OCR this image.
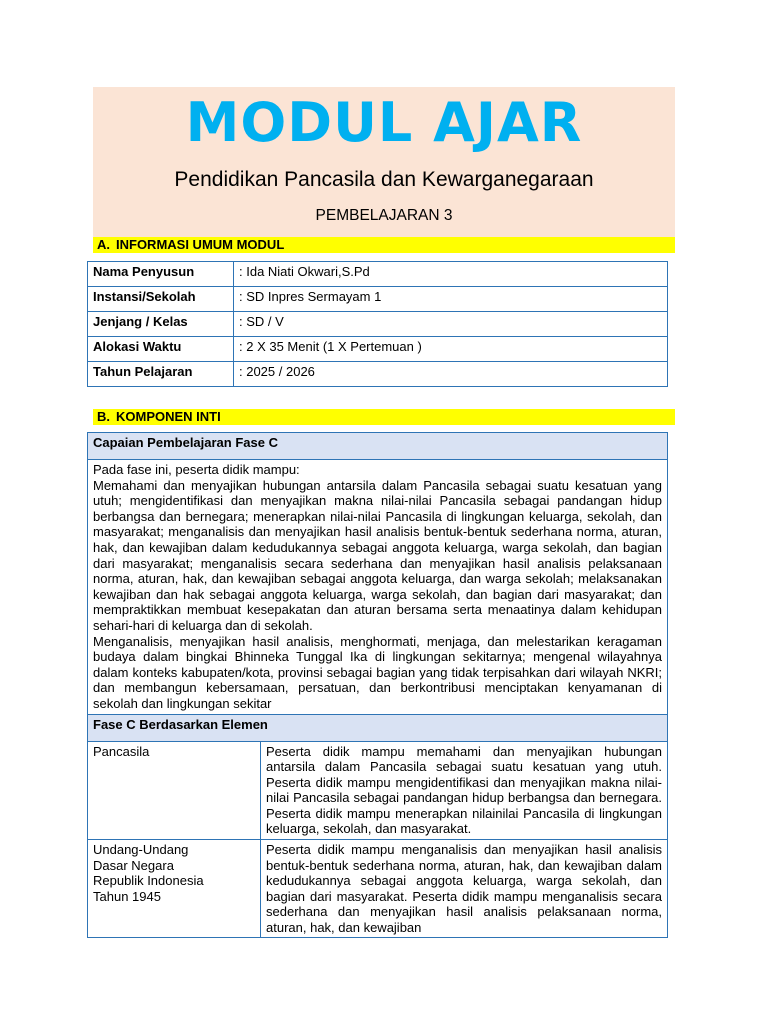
MODUL AJAR
Pendidikan Pancasila dan Kewarganegaraan
PEMBELAJARAN 3
A. INFORMASI UMUM MODUL
Nama Penyusun	: Ida Niati Okwari,S.Pd
Instansi/Sekolah	: SD Inpres Sermayam 1
Jenjang / Kelas	: SD / V
Alokasi Waktu	: 2 X 35 Menit (1 X Pertemuan )
Tahun Pelajaran	: 2025 / 2026
B. KOMPONEN INTI
Capaian Pembelajaran Fase C	

Pada fase ini, peserta didik mampu:

Memahami dan menyajikan hubungan antarsila dalam Pancasila sebagai suatu kesatuan yang utuh; mengidentifikasi dan menyajikan makna nilai-nilai Pancasila sebagai pandangan hidup berbangsa dan bernegara; menerapkan nilai-nilai Pancasila di lingkungan keluarga, sekolah, dan masyarakat; menganalisis dan menyajikan hasil analisis bentuk-bentuk sederhana norma, aturan, hak, dan kewajiban dalam kedudukannya sebagai anggota keluarga, warga sekolah, dan bagian dari masyarakat; menganalisis secara sederhana dan menyajikan hasil analisis pelaksanaan norma, aturan, hak, dan kewajiban sebagai anggota keluarga, dan warga sekolah; melaksanakan kewajiban dan hak sebagai anggota keluarga, warga sekolah, dan bagian dari masyarakat; dan mempraktikkan membuat kesepakatan dan aturan bersama serta menaatinya dalam kehidupan sehari-hari di keluarga dan di sekolah.

Menganalisis, menyajikan hasil analisis, menghormati, menjaga, dan melestarikan keragaman budaya dalam bingkai Bhinneka Tunggal Ika di lingkungan sekitarnya; mengenal wilayahnya dalam konteks kabupaten/kota, provinsi sebagai bagian yang tidak terpisahkan dari wilayah NKRI; dan membangun kebersamaan, persatuan, dan berkontribusi menciptakan kenyamanan di sekolah dan lingkungan sekitar	

Fase C Berdasarkan Elemen	
Pancasila	Peserta didik mampu memahami dan menyajikan hubungan antarsila dalam Pancasila sebagai suatu kesatuan yang utuh. Peserta didik mampu mengidentifikasi dan menyajikan makna nilai-nilai Pancasila sebagai pandangan hidup berbangsa dan bernegara. Peserta didik mampu menerapkan nilainilai Pancasila di lingkungan keluarga, sekolah, dan masyarakat.

Undang-Undang Dasar Negara Republik Indonesia Tahun 1945	Peserta didik mampu menganalisis dan menyajikan hasil analisis bentuk-bentuk sederhana norma, aturan, hak, dan kewajiban dalam kedudukannya sebagai anggota keluarga, warga sekolah, dan bagian dari masyarakat. Peserta didik mampu menganalisis secara sederhana dan menyajikan hasil analisis pelaksanaan norma, aturan, hak, dan kewajiban
